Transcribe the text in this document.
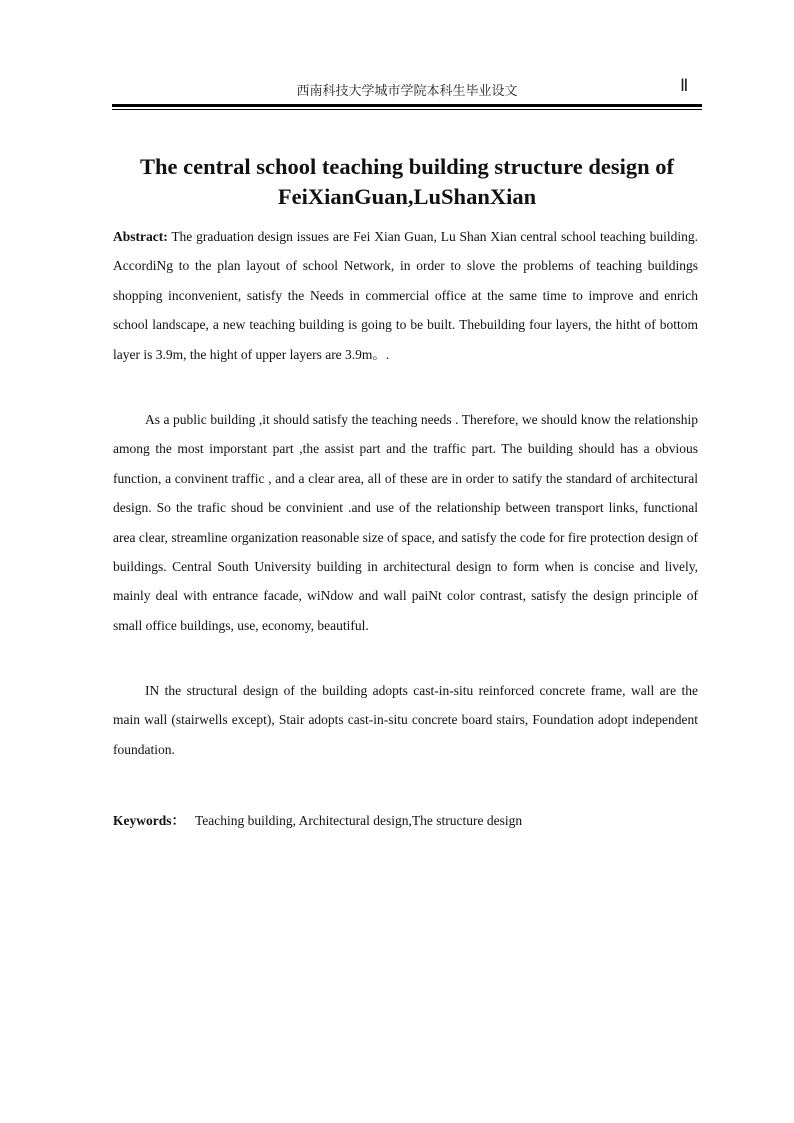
西南科技大学城市学院本科生毕业设文	Ⅱ
The central school teaching building structure design of FeiXianGuan,LuShanXian
Abstract: The graduation design issues are Fei Xian Guan, Lu Shan Xian central school teaching building. AccordiNg to the plan layout of school Network, in order to slove the problems of teaching buildings shopping inconvenient, satisfy the Needs in commercial office at the same time to improve and enrich school landscape, a new teaching building is going to be built. Thebuilding four layers, the hitht of bottom layer is 3.9m, the hight of upper layers are 3.9m。.
As a public building ,it should satisfy the teaching needs . Therefore, we should know the relationship among the most imporstant part ,the assist part and the traffic part. The building should has a obvious function, a convinent traffic , and a clear area, all of these are in order to satify the standard of architectural design. So the trafic shoud be convinient .and use of the relationship between transport links, functional area clear, streamline organization reasonable size of space, and satisfy the code for fire protection design of buildings. Central South University building in architectural design to form when is concise and lively, mainly deal with entrance facade, wiNdow and wall paiNt color contrast, satisfy the design principle of small office buildings, use, economy, beautiful.
IN the structural design of the building adopts cast-in-situ reinforced concrete frame, wall are the main wall (stairwells except), Stair adopts cast-in-situ concrete board stairs, Foundation adopt independent foundation.
Keywords： Teaching building, Architectural design,The structure design
